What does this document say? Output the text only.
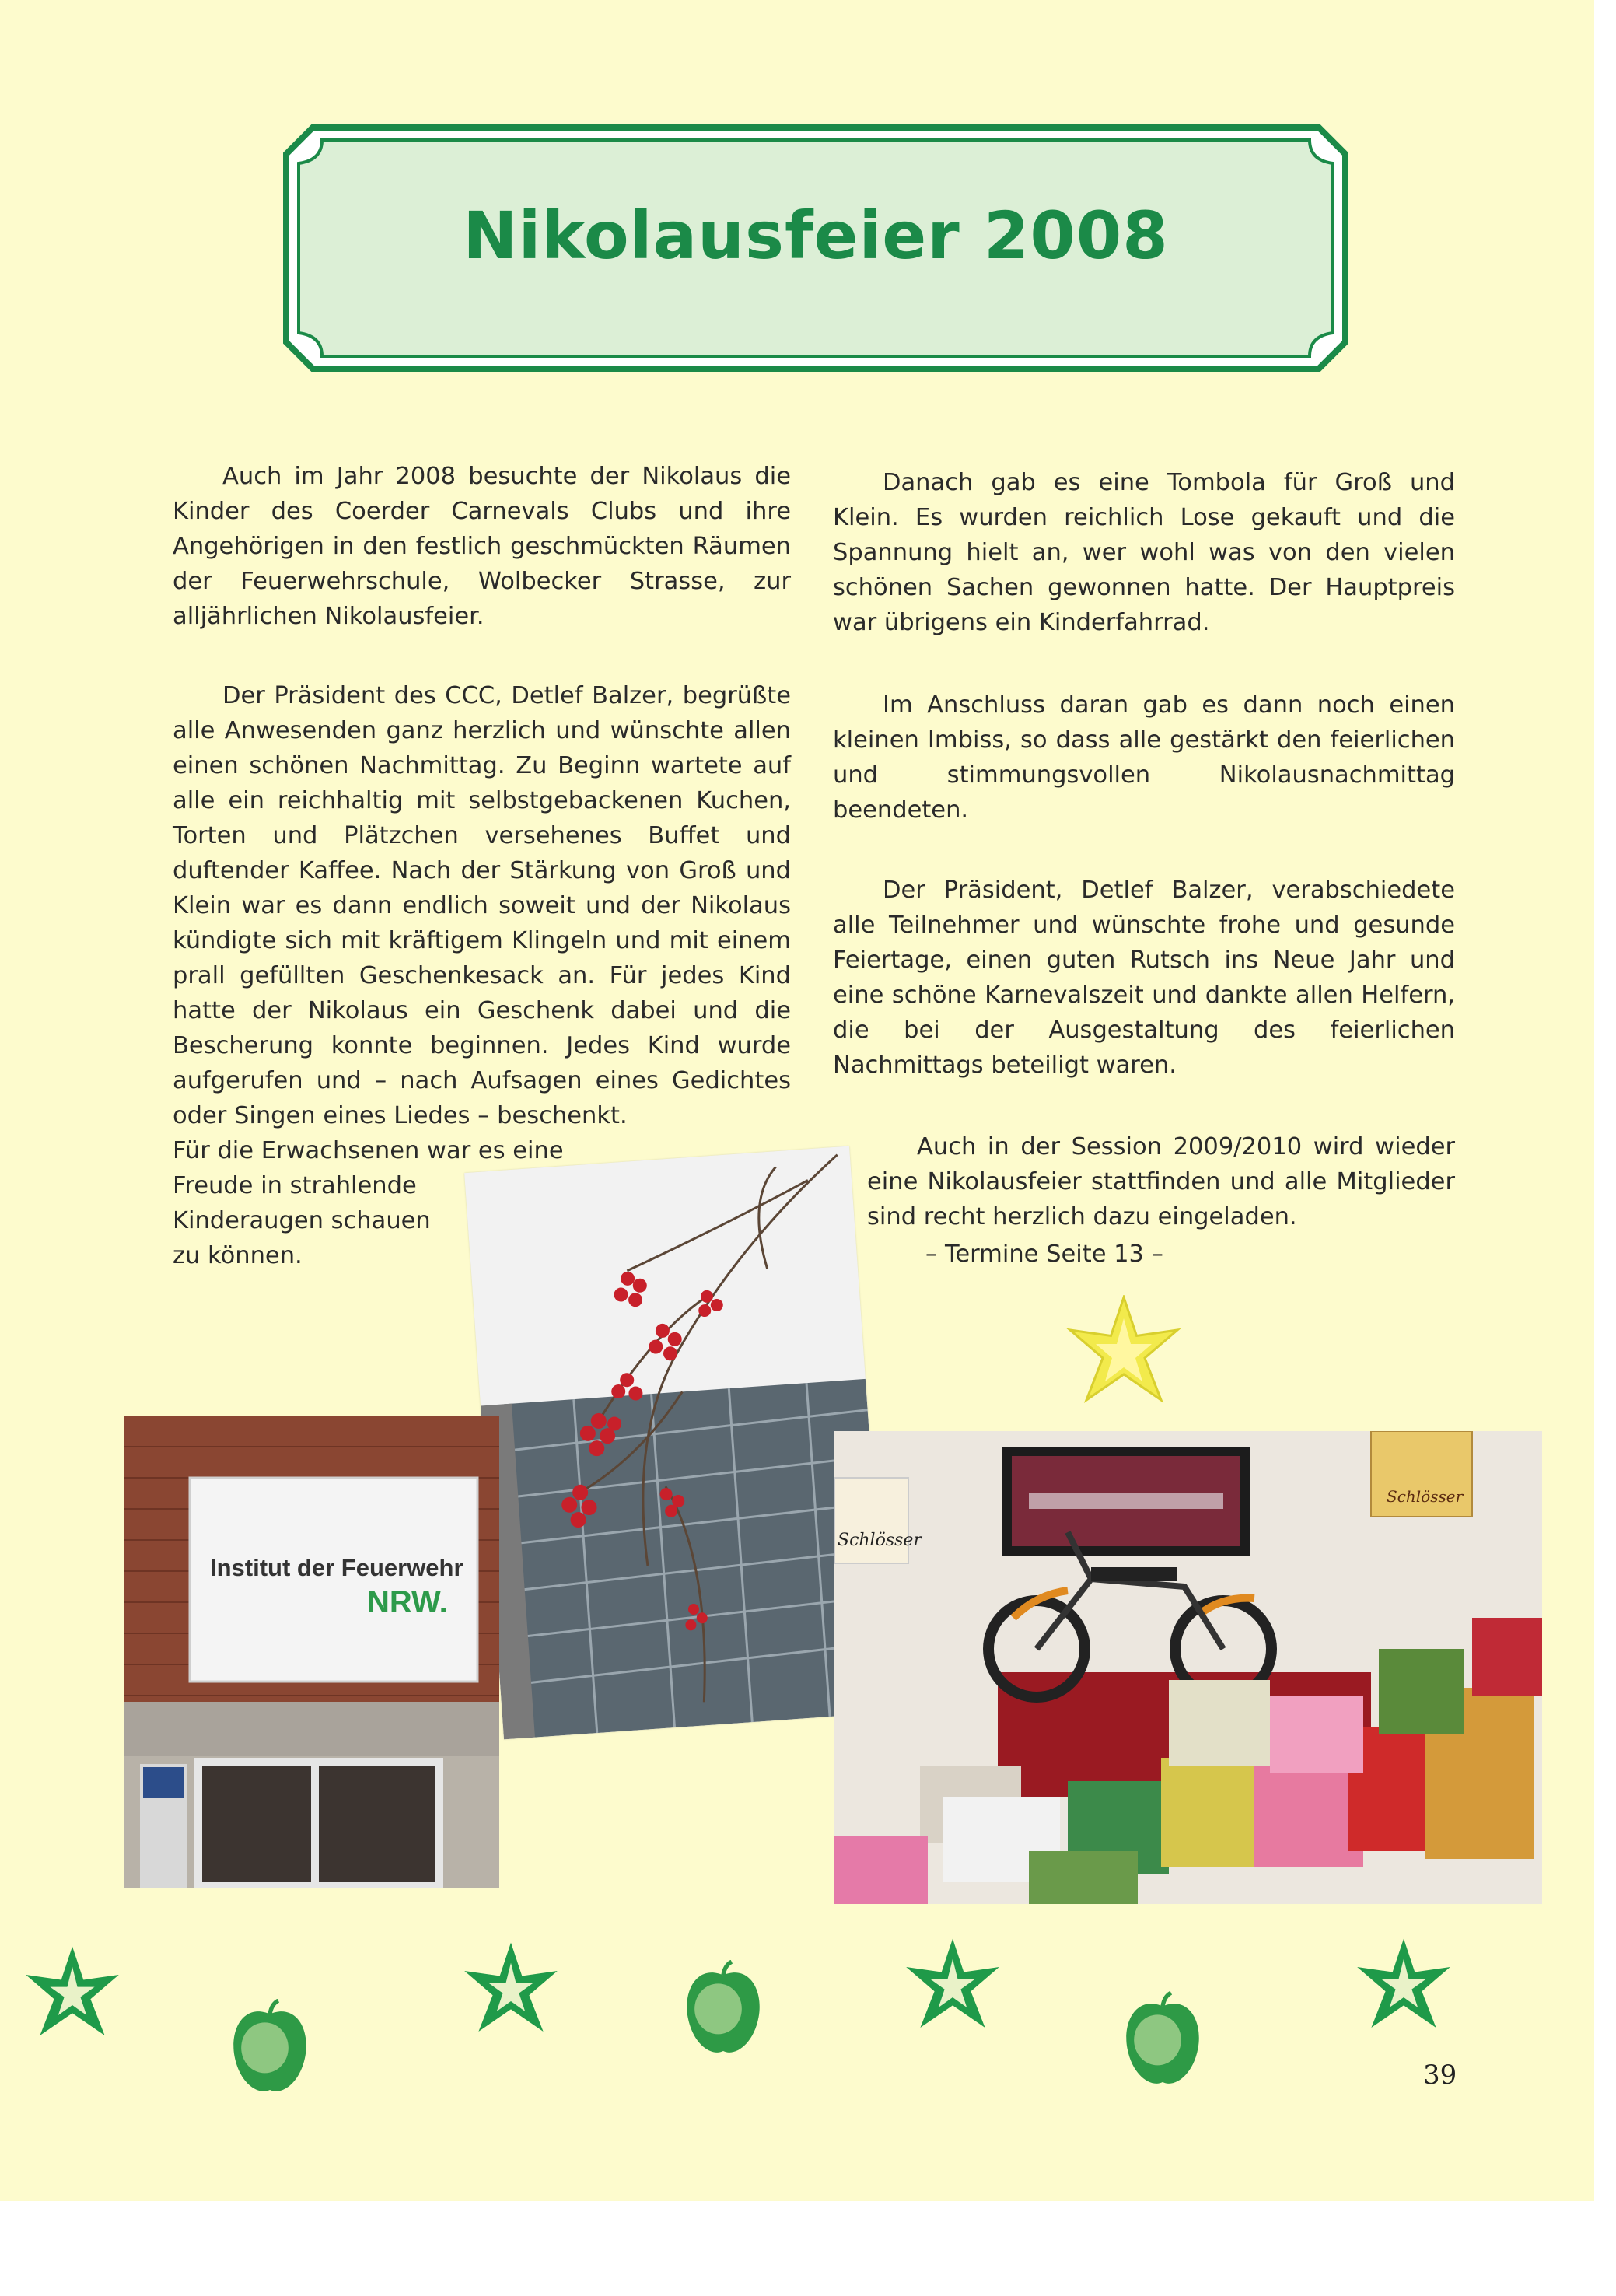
Nikolausfeier 2008

Auch im Jahr 2008 besuchte der Nikolaus die Kinder des Coerder Carnevals Clubs und ihre Angehörigen in den festlich geschmückten Räumen der Feuerwehrschule, Wolbecker Strasse, zur alljährlichen Nikolausfeier.

Der Präsident des CCC, Detlef Balzer, begrüßte alle Anwesenden ganz herzlich und wünschte allen einen schönen Nachmittag. Zu Beginn wartete auf alle ein reichhaltig mit selbstgebackenen Kuchen, Torten und Plätzchen versehenes Buffet und duftender Kaffee. Nach der Stärkung von Groß und Klein war es dann endlich soweit und der Nikolaus kündigte sich mit kräftigem Klingeln und mit einem prall gefüllten Geschenkesack an. Für jedes Kind hatte der Nikolaus ein Geschenk dabei und die Bescherung konnte beginnen. Jedes Kind wurde aufgerufen und – nach Aufsagen eines Gedichtes oder Singen eines Liedes – beschenkt.

Für die Erwachsenen war es eine
Freude in strahlende
Kinderaugen schauen
zu können.

Danach gab es eine Tombola für Groß und Klein. Es wurden reichlich Lose gekauft und die Spannung hielt an, wer wohl was von den vielen schönen Sachen gewonnen hatte. Der Hauptpreis war übrigens ein Kinderfahrrad.

Im Anschluss daran gab es dann noch einen kleinen Imbiss, so dass alle gestärkt den feierlichen und stimmungsvollen Nikolausnachmittag beendeten.

Der Präsident, Detlef Balzer, verabschiedete alle Teilnehmer und wünschte frohe und gesunde Feiertage, einen guten Rutsch ins Neue Jahr und eine schöne Karnevalszeit und dankte allen Helfern, die bei der Ausgestaltung des feierlichen Nachmittags beteiligt waren.

Auch in der Session 2009/2010 wird wieder eine Nikolausfeier stattfinden und alle Mitglieder sind recht herzlich dazu eingeladen.

– Termine Seite 13 –
Institut der Feuerwehr
NRW.
Schlösser
Schlösser
39
